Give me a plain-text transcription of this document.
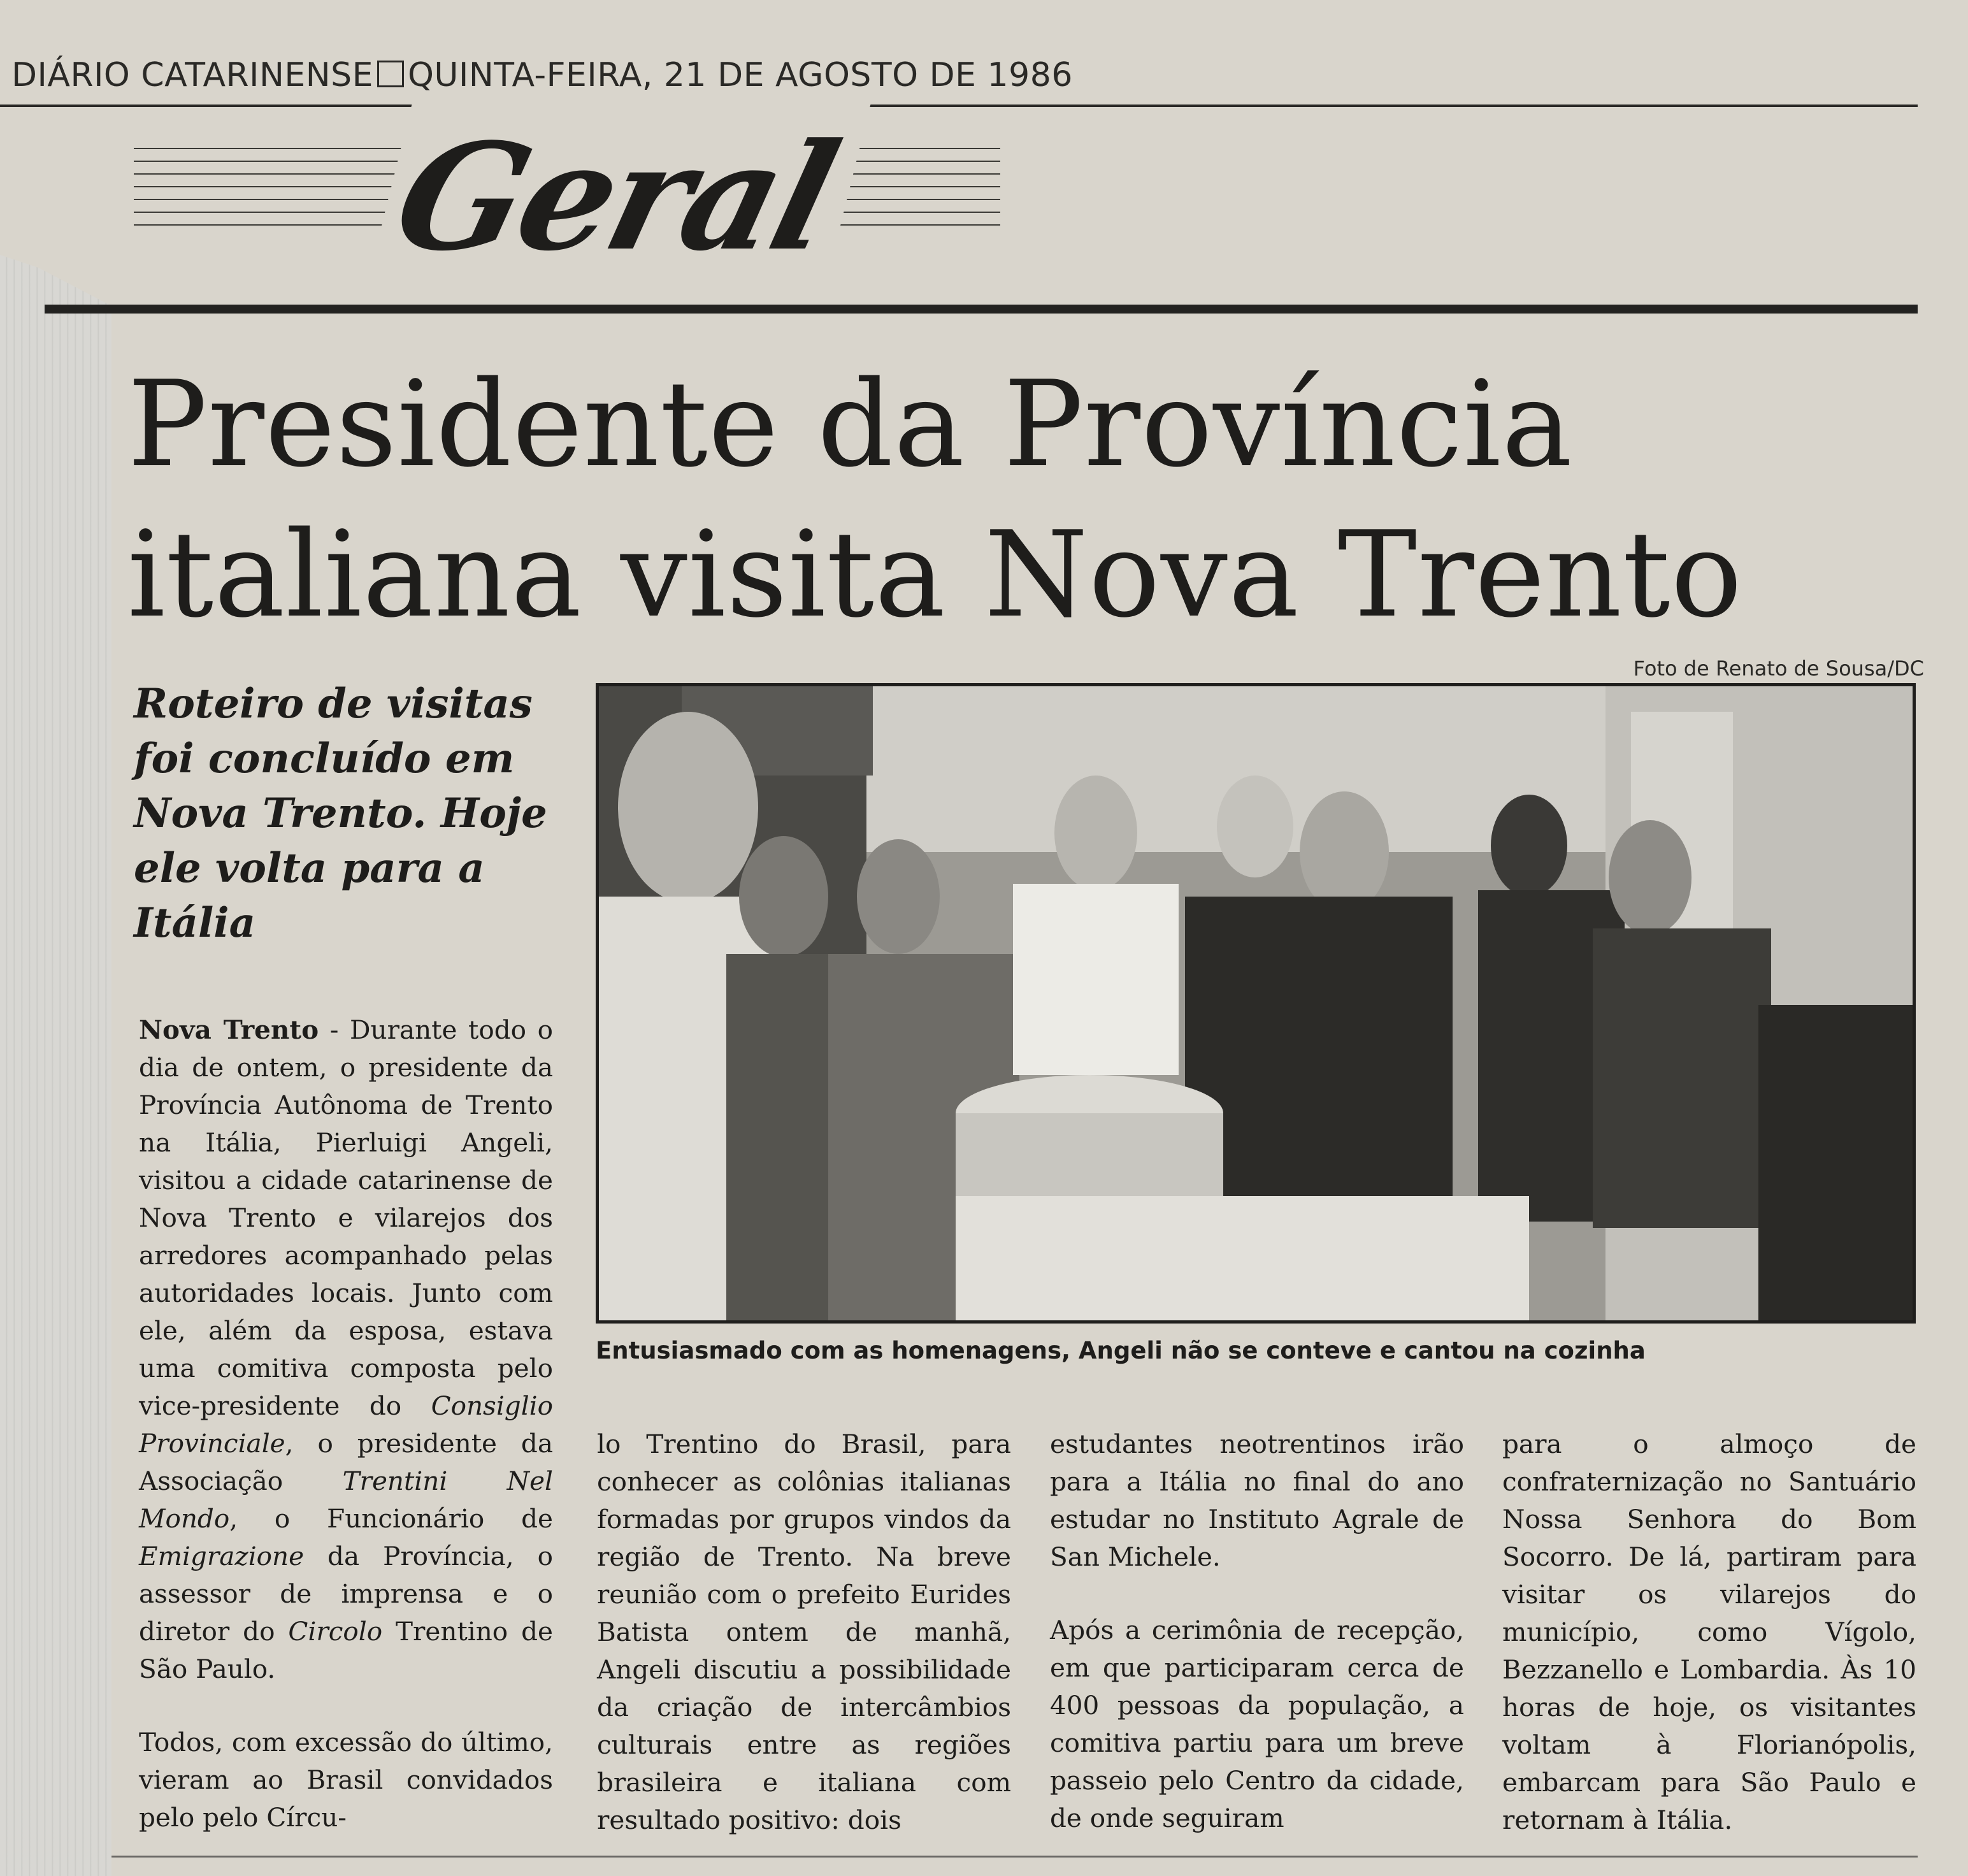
DIÁRIO CATARINENSE QUINTA-FEIRA, 21 DE AGOSTO DE 1986
Geral
Presidente da Província
italiana visita Nova Trento
Foto de Renato de Sousa/DC
Roteiro de visitas foi concluído em Nova Trento. Hoje ele volta para a Itália
Entusiasmado com as homenagens, Angeli não se conteve e cantou na cozinha

Nova Trento - Durante todo o dia de ontem, o presidente da Província Autônoma de Trento na Itália, Pierluigi Angeli, visitou a cidade catarinense de Nova Trento e vilarejos dos arredores acompanhado pelas autoridades locais. Junto com ele, além da esposa, estava uma comitiva composta pelo vice-presidente do Consiglio Provinciale, o presidente da Associação Trentini Nel Mondo, o Funcionário de Emigrazione da Província, o assessor de imprensa e o diretor do Circolo Trentino de São Paulo.

Todos, com excessão do último, vieram ao Brasil convidados pelo pelo Círcu-

lo Trentino do Brasil, para conhecer as colônias italianas formadas por grupos vindos da região de Trento. Na breve reunião com o prefeito Eurides Batista ontem de manhã, Angeli discutiu a possibilidade da criação de intercâmbios culturais entre as regiões brasileira e italiana com resultado positivo: dois

estudantes neotrentinos irão para a Itália no final do ano estudar no Instituto Agrale de San Michele.

Após a cerimônia de recepção, em que participaram cerca de 400 pessoas da população, a comitiva partiu para um breve passeio pelo Centro da cidade, de onde seguiram

para o almoço de confraternização no Santuário Nossa Senhora do Bom Socorro. De lá, partiram para visitar os vilarejos do município, como Vígolo, Bezzanello e Lombardia. Às 10 horas de hoje, os visitantes voltam à Florianópolis, embarcam para São Paulo e retornam à Itália.
